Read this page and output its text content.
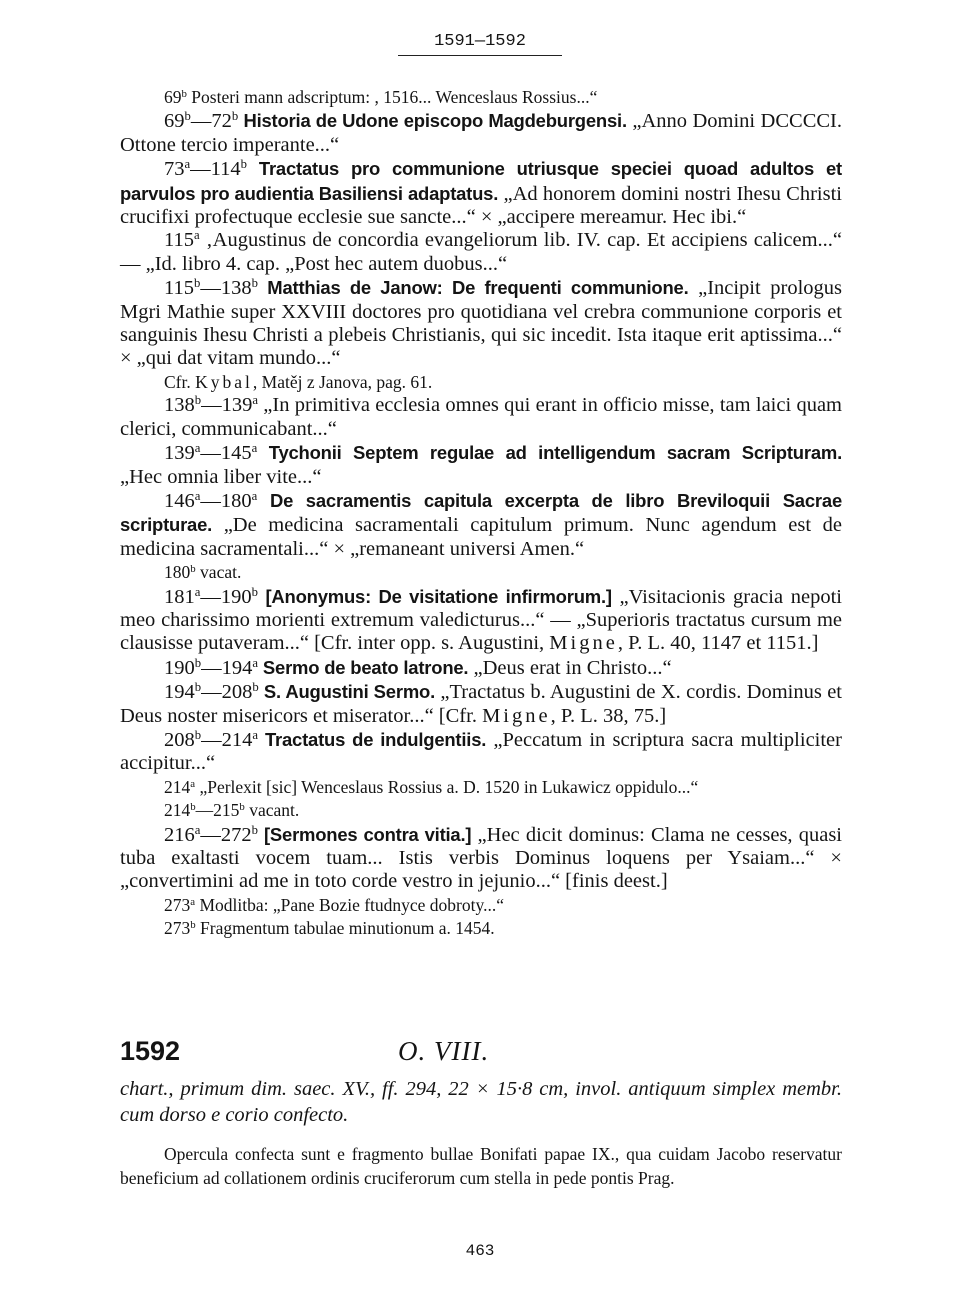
1591—1592

69$^b$ Posteri mann adscriptum: , 1516... Wenceslaus Rossius...“

69$^b$—72$^b$ Historia de Udone episcopo Magdeburgensi. „Anno Domini DCCCCI. Ottone tercio imperante...“

73$^a$—114$^b$ Tractatus pro communione utriusque speciei quoad adultos et parvulos pro audientia Basiliensi adaptatus. „Ad honorem domini nostri Ihesu Christi crucifixi profectuque ecclesie sue sancte...“ × „accipere mereamur. Hec ibi.“

115$^a$ ‚Augustinus de concordia evangeliorum lib. IV. cap. Et accipiens calicem...“ — „Id. libro 4. cap. „Post hec autem duobus...“

115$^b$—138$^b$ Matthias de Janow: De frequenti communione. „Incipit prologus Mgri Mathie super XXVIII doctores pro quotidiana vel crebra communione corporis et sanguinis Ihesu Christi a plebeis Christianis, qui sic incedit. Ista itaque erit aptissima...“ × „qui dat vitam mundo...“

Cfr. Kybal, Matěj z Janova, pag. 61.

138$^b$—139$^a$ „In primitiva ecclesia omnes qui erant in officio misse, tam laici quam clerici, communicabant...“

139$^a$—145$^a$ Tychonii Septem regulae ad intelligendum sacram Scripturam. „Hec omnia liber vite...“

146$^a$—180$^a$ De sacramentis capitula excerpta de libro Breviloquii Sacrae scripturae. „De medicina sacramentali capitulum primum. Nunc agendum est de medicina sacramentali...“ × „remaneant universi Amen.“

180$^b$ vacat.

181$^a$—190$^b$ [Anonymus: De visitatione infirmorum.] „Visitacionis gracia nepoti meo charissimo morienti extremum valedicturus...“ — „Superioris tractatus cursum me clausisse putaveram...“ [Cfr. inter opp. s. Augustini, Migne, P. L. 40, 1147 et 1151.]

190$^b$—194$^a$ Sermo de beato latrone. „Deus erat in Christo...“

194$^b$—208$^b$ S. Augustini Sermo. „Tractatus b. Augustini de X. cordis. Dominus et Deus noster misericors et miserator...“ [Cfr. Migne, P. L. 38, 75.]

208$^b$—214$^a$ Tractatus de indulgentiis. „Peccatum in scriptura sacra multipliciter accipitur...“

214$^a$ „Perlexit [sic] Wenceslaus Rossius a. D. 1520 in Lukawicz oppidulo...“

214$^b$—215$^b$ vacant.

216$^a$—272$^b$ [Sermones contra vitia.] „Hec dicit dominus: Clama ne cesses, quasi tuba exaltasti vocem tuam... Istis verbis Dominus loquens per Ysaiam...“ × „convertimini ad me in toto corde vestro in jejunio...“ [finis deest.]

273$^a$ Modlitba: „Pane Bozie ftudnyce dobroty...“

273$^b$ Fragmentum tabulae minutionum a. 1454.

1592	O. VIII.

chart., primum dim. saec. XV., ff. 294, 22 × 15·8 cm, invol. antiquum simplex membr. cum dorso e corio confecto.

Opercula confecta sunt e fragmento bullae Bonifati papae IX., qua cuidam Jacobo reservatur beneficium ad collationem ordinis cruciferorum cum stella in pede pontis Prag.

463
